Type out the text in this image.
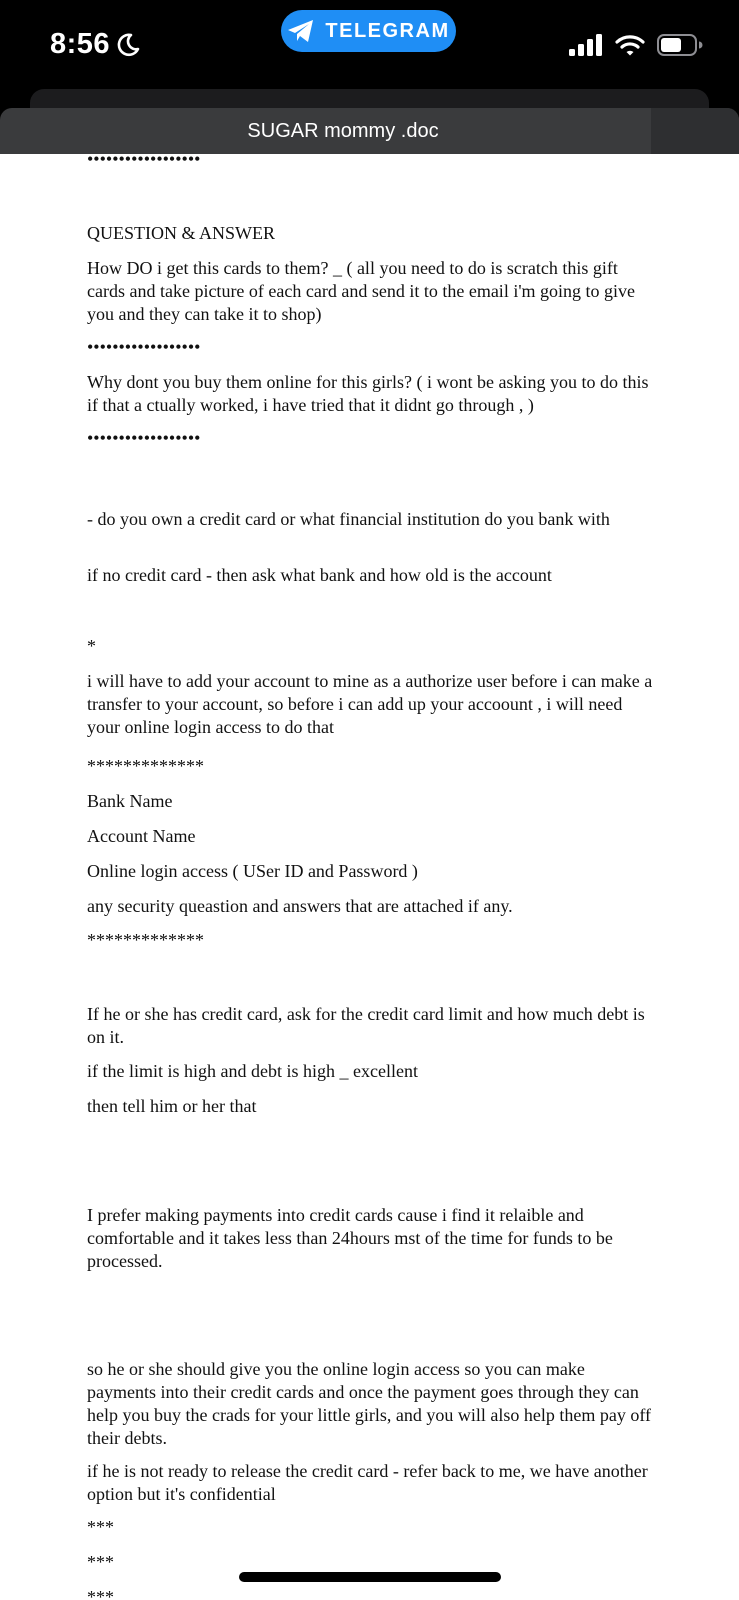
8:56	TELEGRAM
SUGAR mommy .doc

••••••••••••••••••

QUESTION & ANSWER

How DO i get this cards to them? _ ( all you need to do is scratch this gift cards and take picture of each card and send it to the email i'm going to give you and they can take it to shop)

••••••••••••••••••

Why dont you buy them online for this girls? ( i wont be asking you to do this if that a ctually worked, i have tried that it didnt go through , )

••••••••••••••••••

- do you own a credit card or what financial institution do you bank with

if no credit card - then ask what bank and how old is the account

*

i will have to add your account to mine as a authorize user before i can make a transfer to your account, so before i can add up your accoount , i will need your online login access to do that

*************

Bank Name

Account Name

Online login access ( USer ID and Password )

any security queastion and answers that are attached if any.

*************

If he or she has credit card, ask for the credit card limit and how much debt is on it.

if the limit is high and debt is high _ excellent

then tell him or her that

I prefer making payments into credit cards cause i find it relaible and comfortable and it takes less than 24hours mst of the time for funds to be processed.

so he or she should give you the online login access so you can make payments into their credit cards and once the payment goes through they can help you buy the crads for your little girls, and you will also help them pay off their debts.

if he is not ready to release the credit card - refer back to me, we have another option but it's confidential

***

***

***
